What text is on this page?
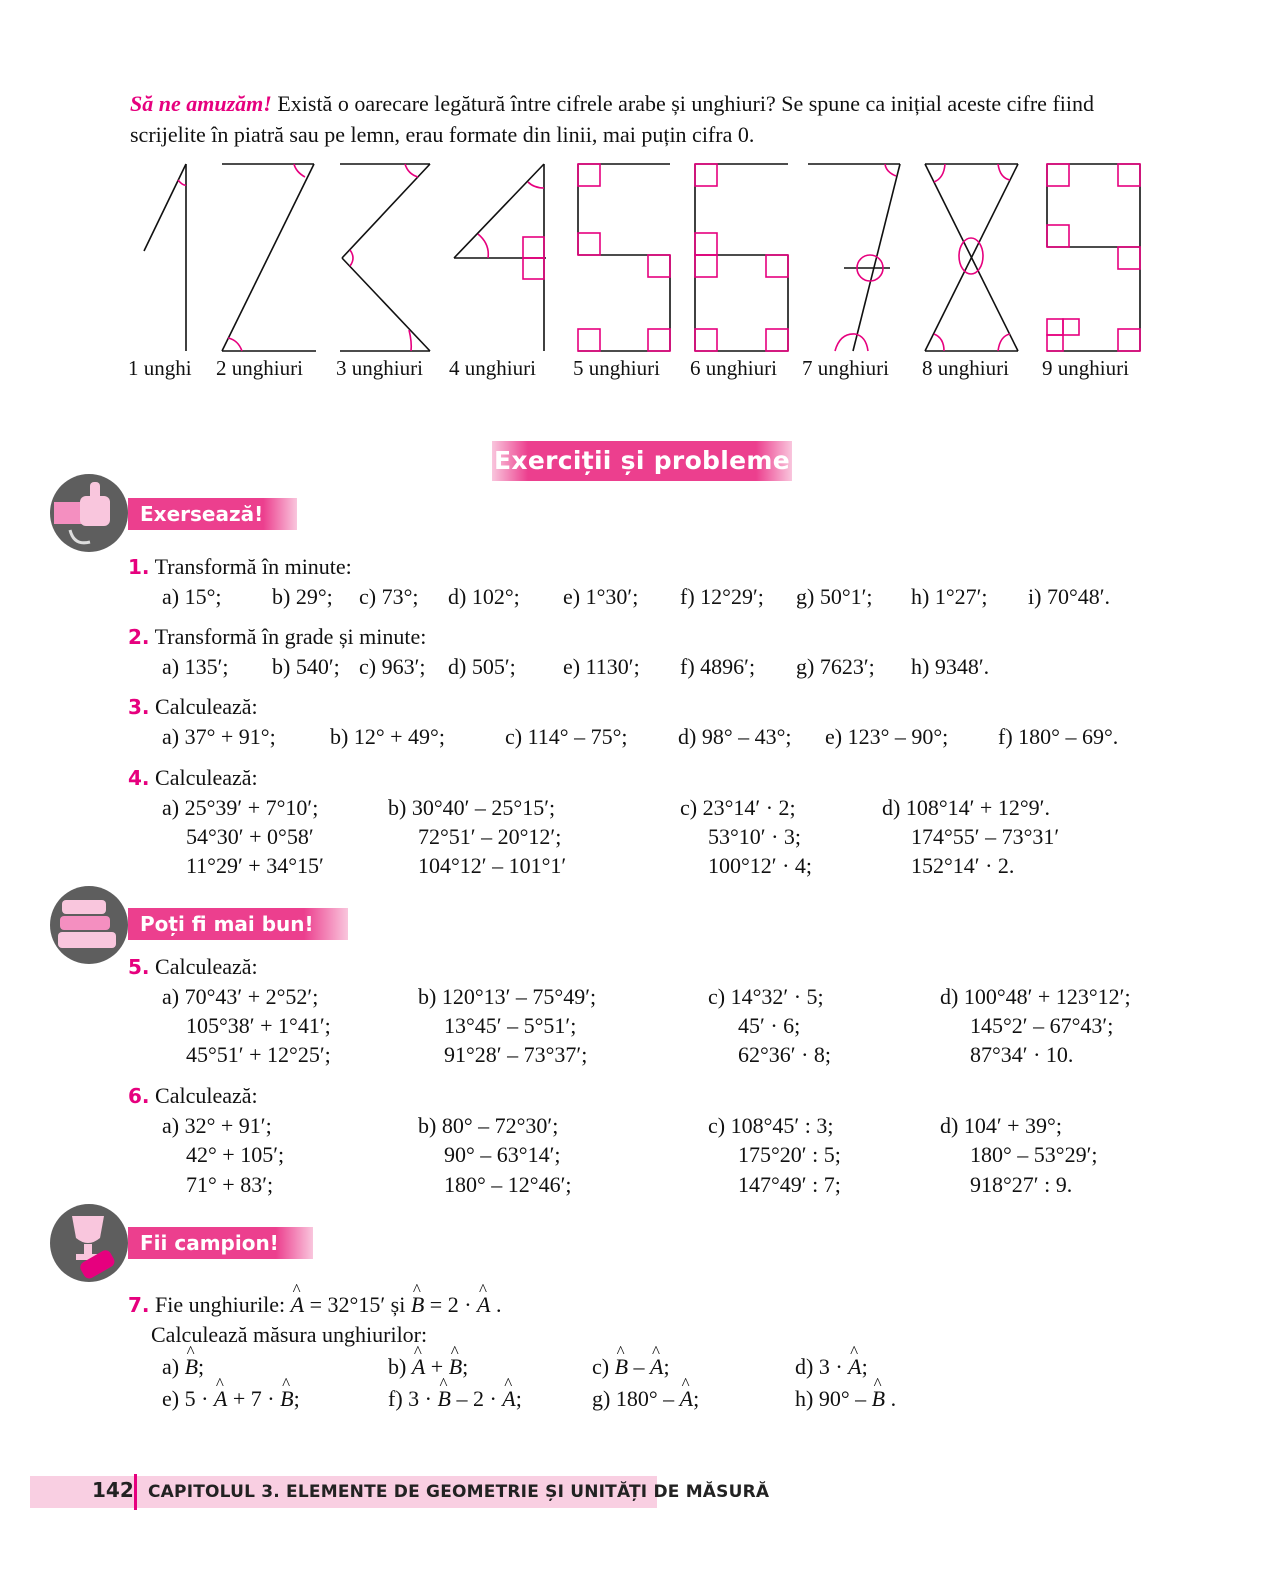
Să ne amuzăm! Există o oarecare legătură între cifrele arabe și unghiuri? Se spune ca inițial aceste cifre fiind scrijelite în piatră sau pe lemn, erau formate din linii, mai puțin cifra 0.
1 unghi 2 unghiuri 3 unghiuri 4 unghiuri 5 unghiuri 6 unghiuri 7 unghiuri 8 unghiuri 9 unghiuri
Exerciții și probleme
Exersează!
1. Transformă în minute:
a) 15°; b) 29°; c) 73°; d) 102°; e) 1°30′; f) 12°29′; g) 50°1′; h) 1°27′; i) 70°48′.
2. Transformă în grade și minute:
a) 135′; b) 540′; c) 963′; d) 505′; e) 1130′; f) 4896′; g) 7623′; h) 9348′.
3. Calculează:
a) 37° + 91°; b) 12° + 49°;	c) 114° – 75°; d) 98° – 43°; e) 123° – 90°; f) 180° – 69°.
4. Calculează:
a) 25°39′ + 7°10′;	b) 30°40′ – 25°15′;	c) 23°14′ · 2;	d) 108°14′ + 12°9′.
54°30′ + 0°58′	72°51′ – 20°12′;	53°10′ · 3;	174°55′ – 73°31′
11°29′ + 34°15′	104°12′ – 101°1′	100°12′ · 4;	152°14′ · 2.
Poți fi mai bun!
5. Calculează:
a) 70°43′ + 2°52′;	b) 120°13′ – 75°49′;	c) 14°32′ · 5;	d) 100°48′ + 123°12′;
105°38′ + 1°41′;	13°45′ – 5°51′;	45′ · 6;	145°2′ – 67°43′;
45°51′ + 12°25′;	91°28′ – 73°37′;	62°36′ · 8;	87°34′ · 10.
6. Calculează:
a) 32° + 91′;	b) 80° – 72°30′;	c) 108°45′ : 3;	d) 104′ + 39°;
42° + 105′;	90° – 63°14′;	175°20′ : 5;	180° – 53°29′;
71° + 83′;	180° – 12°46′;	147°49′ : 7;	918°27′ : 9.
Fii campion!
7. Fie unghiurile: ^ A = 32°15′ și ^ B = 2 · ^ A .
Calculează măsura unghiurilor:
a) ^ B;	b) ^ A + ^ B;	c) ^ B – ^ A;	d) 3 · ^ A;
e) 5 · ^ A + 7 · ^ B;	f) 3 · ^ B – 2 · ^ A;	g) 180° – ^ A;	h) 90° – ^ B .
142 CAPITOLUL 3. ELEMENTE DE GEOMETRIE ȘI UNITĂȚI DE MĂSURĂ
